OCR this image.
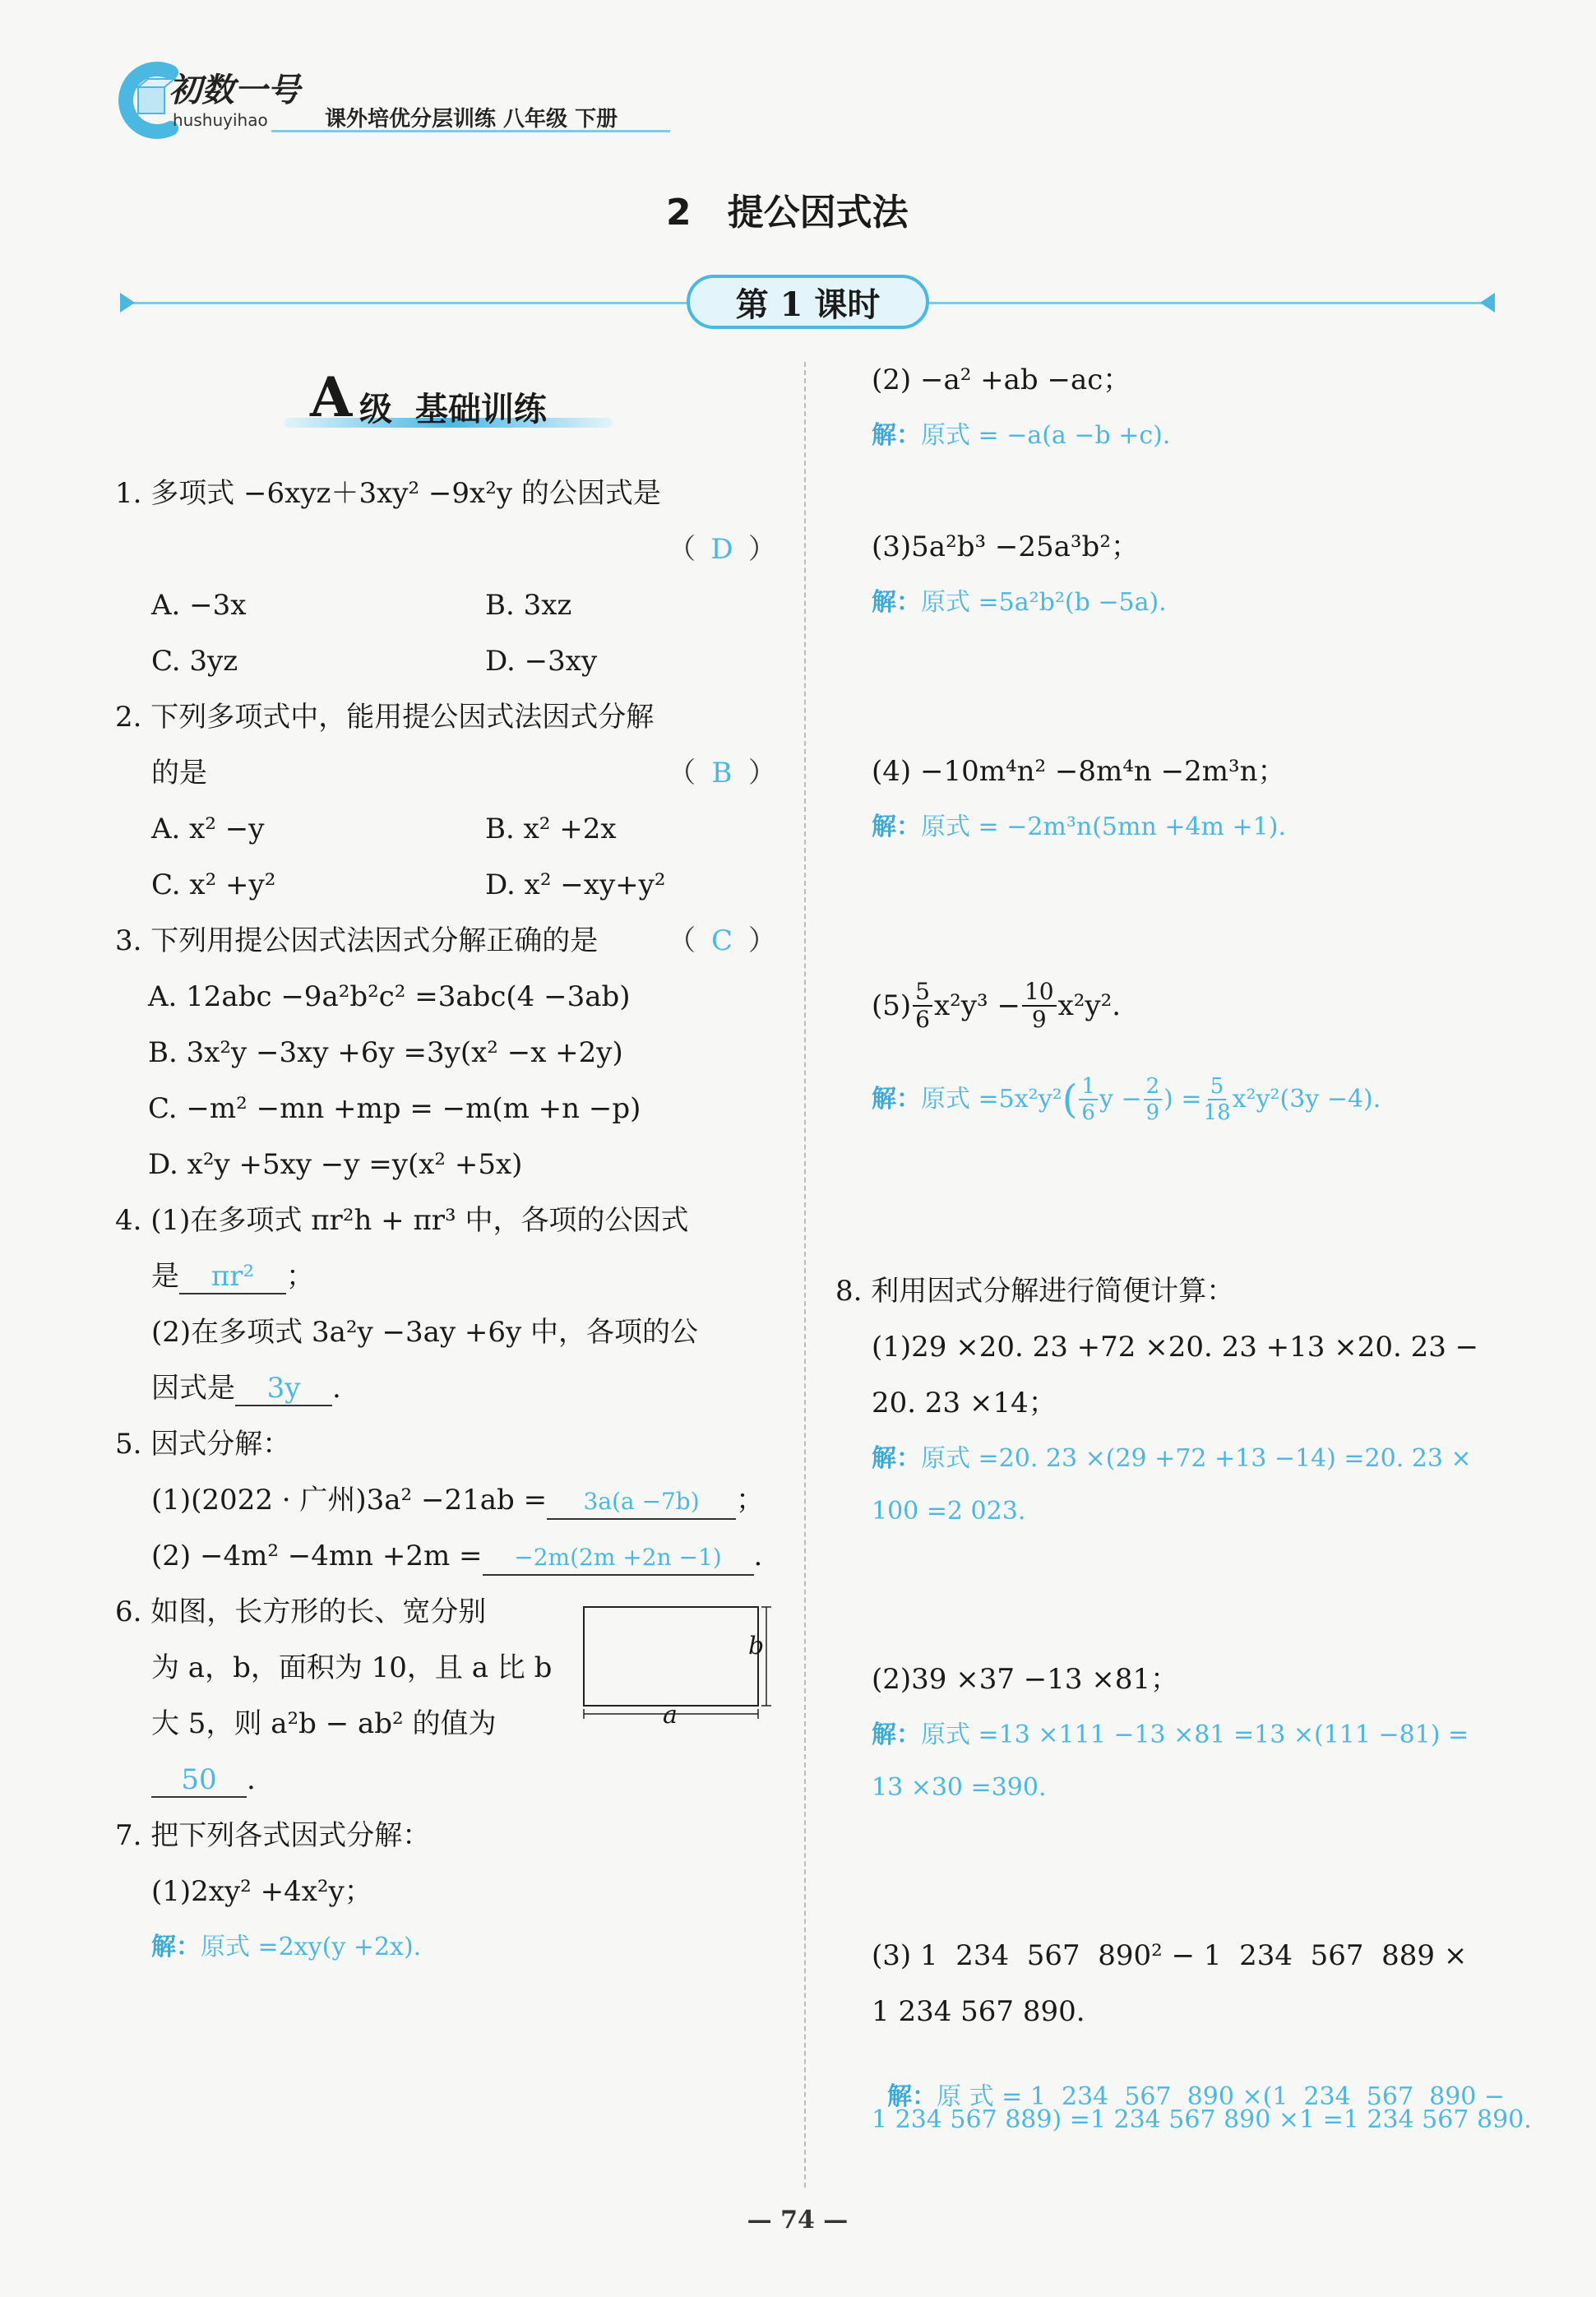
初数一号
hushuyihao	课外培优分层训练 八年级 下册
2　提公因式法
第 1 课时
A 级  基础训练
1. 多项式 −6xyz＋3xy² −9x²y 的公因式是
（ D ）
A. −3x	B. 3xz
C. 3yz	D. −3xy
2. 下列多项式中，能用提公因式法因式分解
的是	（ B ）
A. x² −y	B. x² +2x
C. x² +y²	D. x² −xy+y²
3. 下列用提公因式法因式分解正确的是 （ C ）
A. 12abc −9a²b²c² =3abc(4 −3ab)
B. 3x²y −3xy +6y =3y(x² −x +2y)
C. −m² −mn +mp = −m(m +n −p)
D. x²y +5xy −y =y(x² +5x)
4. (1)在多项式 πr²h + πr³ 中，各项的公因式
是 πr² ；
(2)在多项式 3a²y −3ay +6y 中，各项的公
因式是 3y .
5. 因式分解：
(1)(2022 · 广州)3a² −21ab = 3a(a −7b) ；
(2) −4m² −4mn +2m = −2m(2m +2n −1) .
6. 如图，长方形的长、宽分别
为 a，b，面积为 10，且 a 比 b
大 5，则 a²b − ab² 的值为
50 .
b
a
7. 把下列各式因式分解：
(1)2xy² +4x²y；
解：原式 =2xy(y +2x).
(2) −a² +ab −ac；
解：原式 = −a(a −b +c).
(3)5a²b³ −25a³b²；
解：原式 =5a²b²(b −5a).
(4) −10m⁴n² −8m⁴n −2m³n；
解：原式 = −2m³n(5mn +4m +1).
$(5) \frac{5}{6} x^2y^3 - \frac{10}{9} x^2y^2$.
解： 原式 =5x²y² ( $\frac{1}{6}$ $y - \frac{2}{9}$ ) = $\frac{5}{18} x^2y^2(3y -4)$.
8. 利用因式分解进行简便计算：
(1)29 ×20. 23 +72 ×20. 23 +13 ×20. 23 −
20. 23 ×14；
解：原式 =20. 23 ×(29 +72 +13 −14) =20. 23 ×
100 =2 023.
(2)39 ×37 −13 ×81；
解：原式 =13 ×111 −13 ×81 =13 ×(111 −81) =
13 ×30 =390.
(3) 1  234  567  890² − 1  234  567  889 ×
1 234 567 890.

解：原 式 = 1  234  567  890 ×(1  234  567  890 −

1 234 567 889) =1 234 567 890 ×1 =1 234 567 890.
— 74 —
